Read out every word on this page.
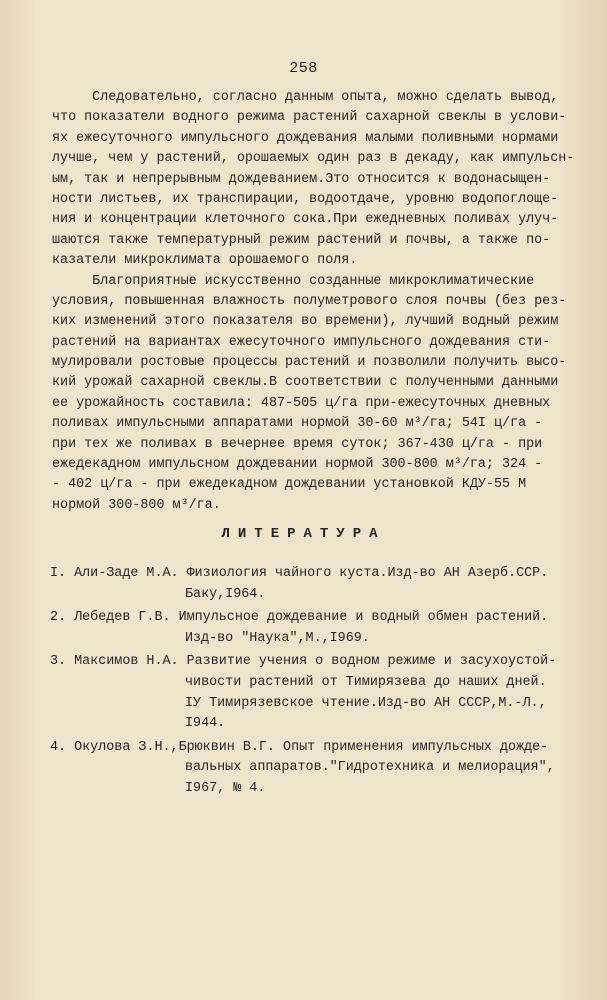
258
Следовательно, согласно данным опыта, можно сделать вывод,
что показатели водного режима растений сахарной свеклы в услови-
ях ежесуточного импульсного дождевания малыми поливными нормами
лучше, чем у растений, орошаемых один раз в декаду, как импульсн-
ым, так и непрерывным дождеванием.Это относится к водонасыщен-
ности листьев, их транспирации, водоотдаче, уровню водопоглоще-
ния и концентрации клеточного сока.При ежедневных поливах улуч-
шаются также температурный режим растений и почвы, а также по-
казатели микроклимата орошаемого поля.
Благоприятные искусственно созданные микроклиматические
условия, повышенная влажность полуметрового слоя почвы (без рез-
ких изменений этого показателя во времени), лучший водный режим
растений на вариантах ежесуточного импульсного дождевания сти-
мулировали ростовые процессы растений и позволили получить высо-
кий урожай сахарной свеклы.В соответствии с полученными данными
ее урожайность составила: 487-505 ц/га при-ежесуточных дневных
поливах импульсными аппаратами нормой 30-60 м³/га; 54I ц/га -
при тех же поливах в вечернее время суток; 367-430 ц/га - при
ежедекадном импульсном дождевании нормой 300-800 м³/га; 324 -
- 402 ц/га - при ежедекадном дождевании установкой КДУ-55 М
нормой 300-800 м³/га.
ЛИТЕРАТУРА
I. Али-Заде М.А. Физиология чайного куста.Изд-во АН Азерб.ССР.
Баку,I964.
2. Лебедев Г.В. Импульсное дождевание и водный обмен растений.
Изд-во "Наука",М.,I969.
3. Максимов Н.А. Развитие учения о водном режиме и засухоустой-
чивости растений от Тимирязева до наших дней.
IУ Тимирязевское чтение.Изд-во АН СССР,М.-Л.,
I944.
4. Окулова З.Н.,Брюквин В.Г. Опыт применения импульсных дожде-
вальных аппаратов."Гидротехника и мелиорация",
I967, № 4.
